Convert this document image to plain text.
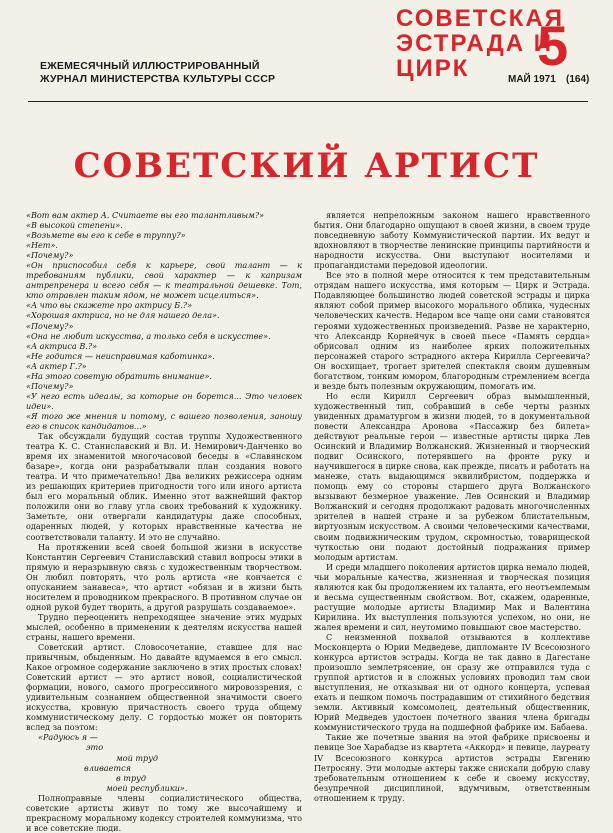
ЕЖЕМЕСЯЧНЫЙ ИЛЛЮСТРИРОВАННЫЙ
ЖУРНАЛ МИНИСТЕРСТВА КУЛЬТУРЫ СССР
СОВЕТСКАЯ
ЭСТРАДА И
ЦИРК	5
МАЙ 1971 (164)
СОВЕТСКИЙ АРТИСТ

«Вот вам актер А. Считаете вы его талантливым?»

«В высокой степени».

«Возьмете вы его к себе в труппу?»

«Нет».

«Почему?»

«Он приспособил себя к карьере, свой талант — к требованиям публики, свой характер — к капризам антрепренера и всего себя — к театральной дешевке. Тот, кто отравлен таким ядом, не может исцелиться».

«А что вы скажете про актрису Б.?»

«Хорошая актриса, но не для нашего дела».

«Почему?»

«Она не любит искусства, а только себя в искусстве».

«А актриса В.?»

«Не годится — неисправимая каботинка».

«А актер Г.?»

«На этого советую обратить внимание».

«Почему?»

«У него есть идеалы, за которые он борется... Это человек идеи».

«Я того же мнения и потому, с вашего позволения, заношу его в список кандидатов...»

Так обсуждали будущий состав труппы Художественного театра К. С. Станиславский и Вл. И. Немирович-Данченко во время их знаменитой многочасовой беседы в «Славянском базаре», когда они разрабатывали план создания нового театра. И что примечательно! Два великих режиссера одним из решающих критериев пригодности того или иного артиста был его моральный облик. Именно этот важнейший фактор положили они во главу угла своих требований к художнику. Заметьте, они отвергали кандидатуры даже способных, одаренных людей, у которых нравственные качества не соответствовали таланту. И это не случайно.

На протяжении всей своей большой жизни в искусстве Константин Сергеевич Станиславский ставил вопросы этики в прямую и неразрывную связь с художественным творчеством. Он любил повторять, что роль артиста «не кончается с опусканием занавеса», что артист «обязан и в жизни быть носителем и проводником прекрасного. В противном случае он одной рукой будет творить, а другой разрушать создаваемое».

Трудно переоценить непреходящее значение этих мудрых мыслей, особенно в применении к деятелям искусства нашей страны, нашего времени.

Советский артист. Словосочетание, ставшее для нас привычным, обыденным. Но давайте вдумаемся в его смысл. Какое огромное содержание заключено в этих простых словах! Советский артист — это артист новой, социалистической формации, нового, самого прогрессивного мировоззрения, с удивительным сознанием общественной значимости своего искусства, кровную причастность своего труда общему коммунистическому делу. С гордостью может он повторить вслед за поэтом:

«Радуюсь я —
это
мой труд
вливается
в труд
моей республики».

Полноправные члены социалистического общества, советские артисты живут по тому же высочайшему и прекрасному моральному кодексу строителей коммунизма, что и все советские люди.

является непреложным законом нашего нравственного бытия. Они благодарно ощущают в своей жизни, в своем труде повседневную заботу Коммунистической партии. Их ведут и вдохновляют в творчестве ленинские принципы партийности и народности искусства. Они выступают носителями и пропагандистами передовой идеологии.

Все это в полной мере относится к тем представительным отрядам нашего искусства, имя которым — Цирк и Эстрада. Подавляющее большинство людей советской эстрады и цирка являют собой пример высокого морального облика, чудесных человеческих качеств. Недаром все чаще они сами становятся героями художественных произведений. Разве не характерно, что Александр Корнейчук в своей пьесе «Память сердца» обрисовал одним из наиболее ярких положительных персонажей старого эстрадного актера Кирилла Сергеевича? Он восхищает, трогает зрителей спектакля своим душевным богатством, тонким юмором, благородным стремлением всегда и везде быть полезным окружающим, помогать им.

Но если Кирилл Сергеевич образ вымышленный, художественный тип, собравший в себе черты разных увиденных драматургом в жизни людей, то в документальной повести Александра Аронова «Пассажир без билета» действуют реальные герои — известные артисты цирка Лев Осинский и Владимир Волжанский. Жизненный и творческий подвиг Осинского, потерявшего на фронте руку и научившегося в цирке снова, как прежде, писать и работать на манеже, стать выдающимся эквилибристом, поддержка и помощь ему со стороны старшего друга Волжанского вызывают безмерное уважение. Лев Осинский и Владимир Волжанский и сегодня продолжают радовать многочисленных зрителей в нашей стране и за рубежом блистательным, виртуозным искусством. А своими человеческими качествами, своим подвижническим трудом, скромностью, товарищеской чуткостью они подают достойный подражания пример молодым артистам.

И среди младшего поколения артистов цирка немало людей, чьи моральные качества, жизненная и творческая позиция являются как бы продолжением их таланта, его неотъемлемым и весьма существенным свойством. Вот, скажем, одаренные, растущие молодые артисты Владимир Мак и Валентина Кирилина. Их выступления пользуются успехом, но они, не жалея времени и сил, неутомимо повышают свое мастерство.

С неизменной похвалой отзываются в коллективе Москонцерта о Юрии Медведеве, дипломанте IV Всесоюзного конкурса артистов эстрады. Когда не так давно в Дагестане произошло землетрясение, он сразу же отправился туда с группой артистов и в сложных условиях проводил там свои выступления, не отказывая ни от одного концерта, успевая ехать и пешком помочь пострадавшим от стихийного бедствия земли. Активный комсомолец, деятельный общественник, Юрий Медведев удостоен почетного звания члена бригады коммунистического труда на подшефной фабрике им. Бабаева.

Такие же почетные звания на этой фабрике присвоены и певице Зое Харабадзе из квартета «Аккорд» и певице, лауреату IV Всесоюзного конкурса артистов эстрады Евгению Петросяну. Эти молодые актеры также снискали добрую славу требовательным отношением к себе и своему искусству, безупречной дисциплиной, вдумчивым, ответственным отношением к труду.
